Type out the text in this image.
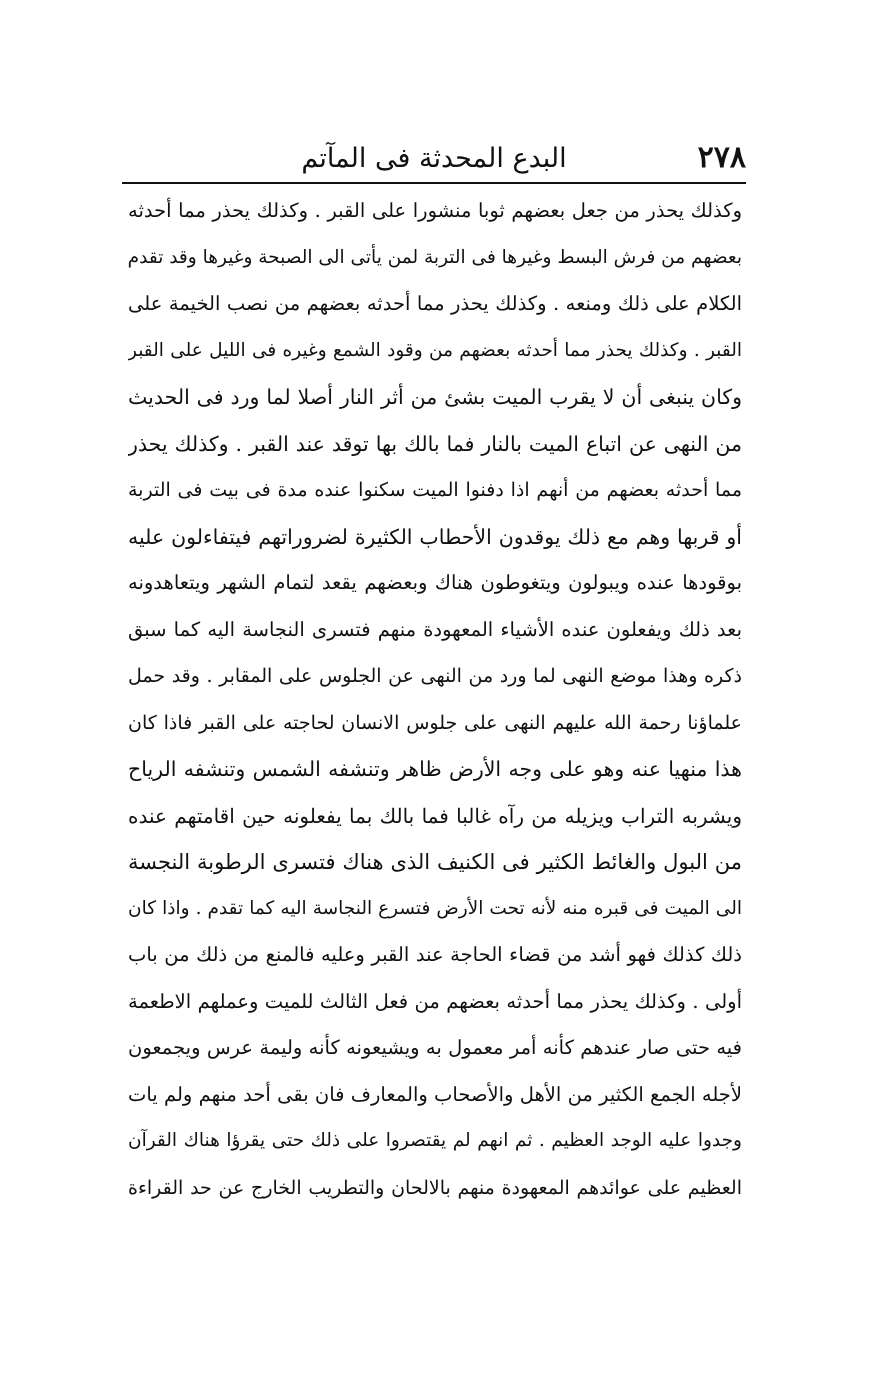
٢٧٨
البدع المحدثة فى المآتم
وكذلك يحذر من جعل بعضهم ثوبا منشورا على القبر . وكذلك يحذر مما أحدثه
بعضهم من فرش البسط وغيرها فى التربة لمن يأتى الى الصبحة وغيرها وقد تقدم
الكلام على ذلك ومنعه . وكذلك يحذر مما أحدثه بعضهم من نصب الخيمة على
القبر . وكذلك يحذر مما أحدثه بعضهم من وقود الشمع وغيره فى الليل على القبر
وكان ينبغى أن لا يقرب الميت بشئ من أثر النار أصلا لما ورد فى الحديث
من النهى عن اتباع الميت بالنار فما بالك بها توقد عند القبر . وكذلك يحذر
مما أحدثه بعضهم من أنهم اذا دفنوا الميت سكنوا عنده مدة فى بيت فى التربة
أو قربها وهم مع ذلك يوقدون الأحطاب الكثيرة لضروراتهم فيتفاءلون عليه
بوقودها عنده ويبولون ويتغوطون هناك وبعضهم يقعد لتمام الشهر ويتعاهدونه
بعد ذلك ويفعلون عنده الأشياء المعهودة منهم فتسرى النجاسة اليه كما سبق
ذكره وهذا موضع النهى لما ورد من النهى عن الجلوس على المقابر . وقد حمل
علماؤنا رحمة الله عليهم النهى على جلوس الانسان لحاجته على القبر فاذا كان
هذا منهيا عنه وهو على وجه الأرض ظاهر وتنشفه الشمس وتنشفه الرياح
ويشربه التراب ويزيله من رآه غالبا فما بالك بما يفعلونه حين اقامتهم عنده
من البول والغائط الكثير فى الكنيف الذى هناك فتسرى الرطوبة النجسة
الى الميت فى قبره منه لأنه تحت الأرض فتسرع النجاسة اليه كما تقدم . واذا كان
ذلك كذلك فهو أشد من قضاء الحاجة عند القبر وعليه فالمنع من ذلك من باب
أولى . وكذلك يحذر مما أحدثه بعضهم من فعل الثالث للميت وعملهم الاطعمة
فيه حتى صار عندهم كأنه أمر معمول به ويشيعونه كأنه وليمة عرس ويجمعون
لأجله الجمع الكثير من الأهل والأصحاب والمعارف فان بقى أحد منهم ولم يات
وجدوا عليه الوجد العظيم . ثم انهم لم يقتصروا على ذلك حتى يقرؤا هناك القرآن
العظيم على عوائدهم المعهودة منهم بالالحان والتطريب الخارج عن حد القراءة
